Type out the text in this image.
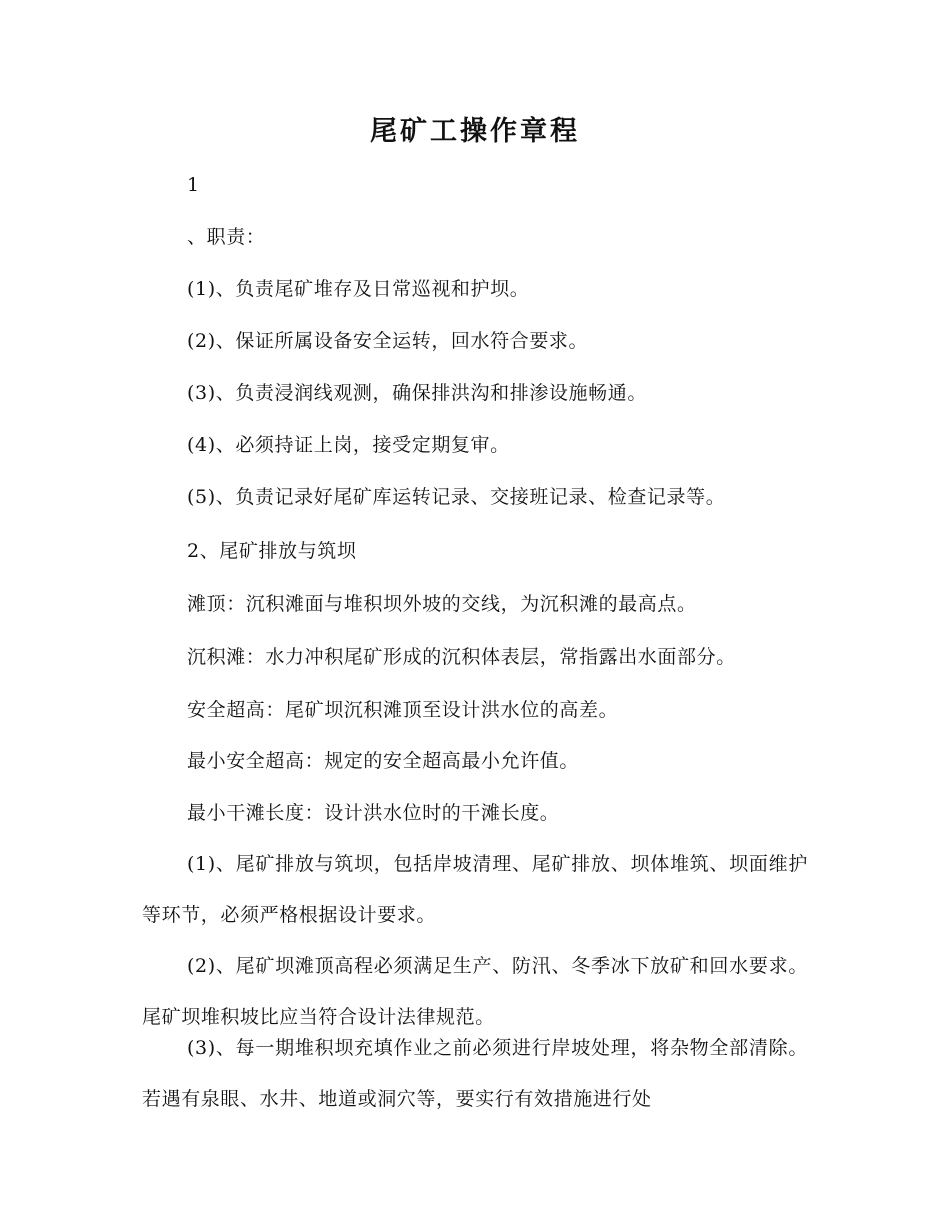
尾矿工操作章程

1

、职责：

(1)、负责尾矿堆存及日常巡视和护坝。

(2)、保证所属设备安全运转，回水符合要求。

(3)、负责浸润线观测，确保排洪沟和排渗设施畅通。

(4)、必须持证上岗，接受定期复审。

(5)、负责记录好尾矿库运转记录、交接班记录、检查记录等。

2、尾矿排放与筑坝

滩顶：沉积滩面与堆积坝外坡的交线，为沉积滩的最高点。

沉积滩：水力冲积尾矿形成的沉积体表层，常指露出水面部分。

安全超高：尾矿坝沉积滩顶至设计洪水位的高差。

最小安全超高：规定的安全超高最小允许值。

最小干滩长度：设计洪水位时的干滩长度。

(1)、尾矿排放与筑坝，包括岸坡清理、尾矿排放、坝体堆筑、坝面维护等环节，必须严格根据设计要求。

(2)、尾矿坝滩顶高程必须满足生产、防汛、冬季冰下放矿和回水要求。尾矿坝堆积坡比应当符合设计法律规范。

(3)、每一期堆积坝充填作业之前必须进行岸坡处理，将杂物全部清除。若遇有泉眼、水井、地道或洞穴等，要实行有效措施进行处
